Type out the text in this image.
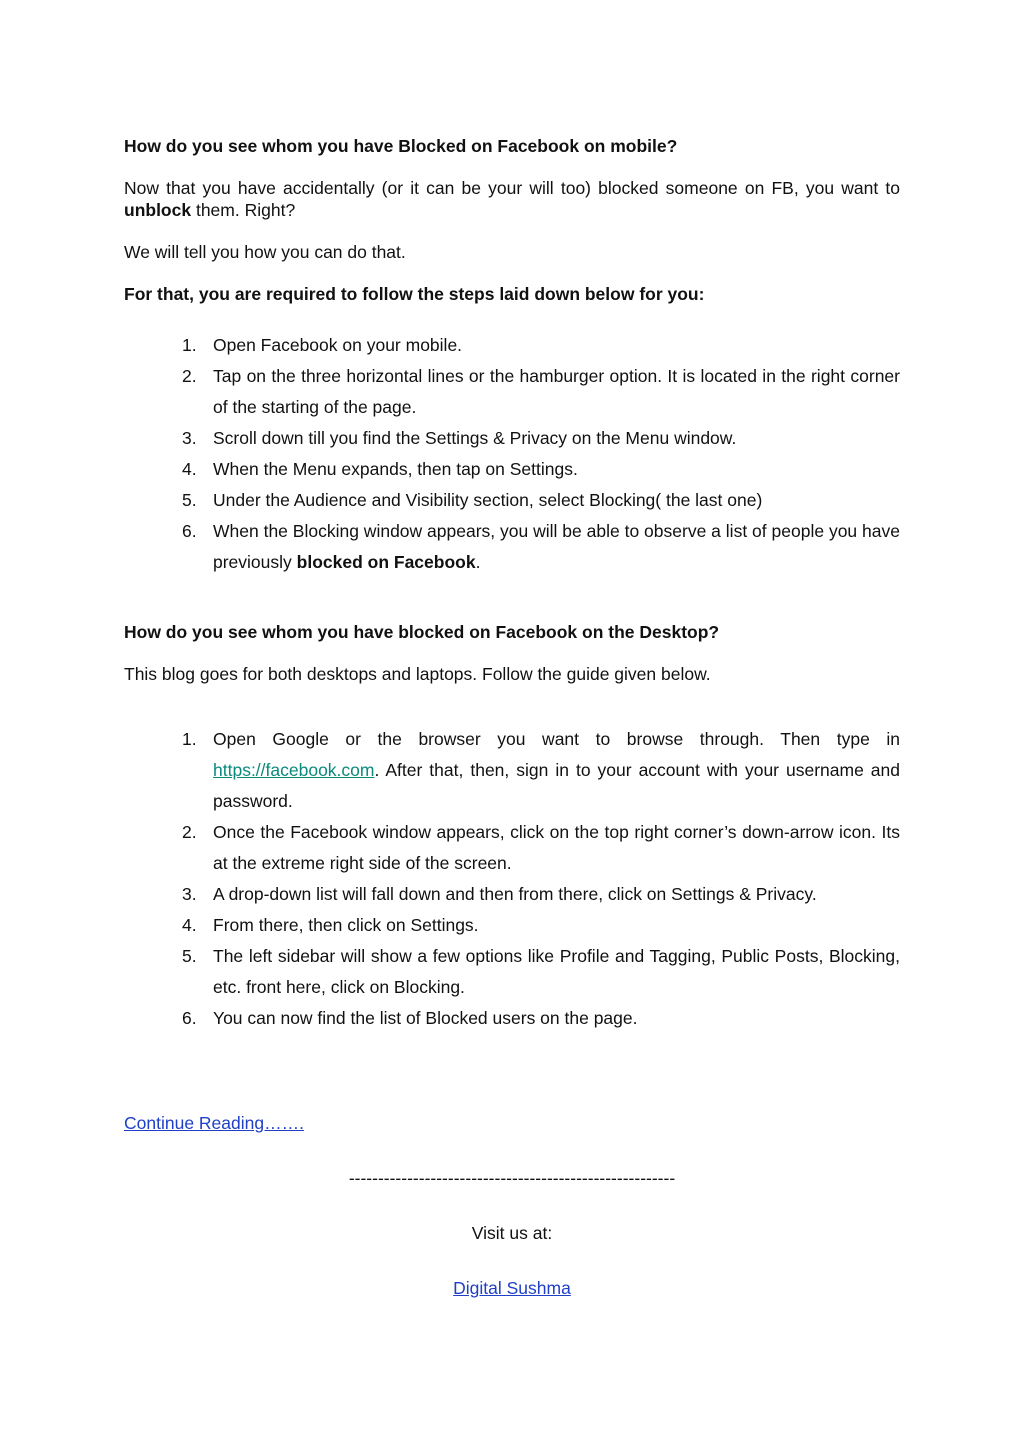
How do you see whom you have Blocked on Facebook on mobile?

Now that you have accidentally (or it can be your will too) blocked someone on FB, you want to unblock them. Right?

We will tell you how you can do that.

For that, you are required to follow the steps laid down below for you:
1. Open Facebook on your mobile.
2. Tap on the three horizontal lines or the hamburger option. It is located in the right corner of the starting of the page.
3. Scroll down till you find the Settings & Privacy on the Menu window.
4. When the Menu expands, then tap on Settings.
5. Under the Audience and Visibility section, select Blocking( the last one)
6. When the Blocking window appears, you will be able to observe a list of people you have previously blocked on Facebook.
How do you see whom you have blocked on Facebook on the Desktop?

This blog goes for both desktops and laptops. Follow the guide given below.

1. Open Google or the browser you want to browse through. Then type in https://facebook.com. After that, then, sign in to your account with your username and password.
2. Once the Facebook window appears, click on the top right corner’s down-arrow icon. Its at the extreme right side of the screen.
3. A drop-down list will fall down and then from there, click on Settings & Privacy.
4. From there, then click on Settings.
5. The left sidebar will show a few options like Profile and Tagging, Public Posts, Blocking, etc. front here, click on Blocking.
6. You can now find the list of Blocked users on the page.

Continue Reading…….

--------------------------------------------------------

Visit us at:

Digital Sushma
